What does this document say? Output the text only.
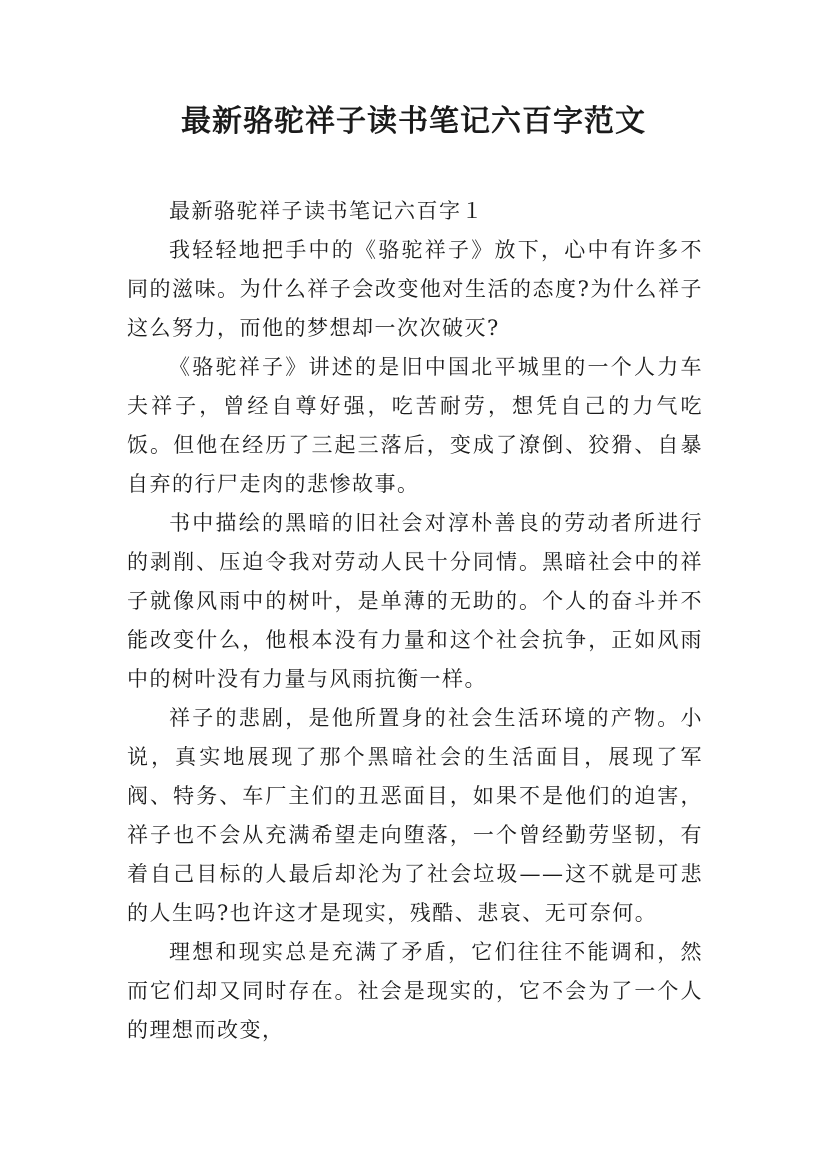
最新骆驼祥子读书笔记六百字范文

最新骆驼祥子读书笔记六百字１

我轻轻地把手中的《骆驼祥子》放下，心中有许多不同的滋味。为什么祥子会改变他对生活的态度?为什么祥子这么努力，而他的梦想却一次次破灭?

《骆驼祥子》讲述的是旧中国北平城里的一个人力车夫祥子，曾经自尊好强，吃苦耐劳，想凭自己的力气吃饭。但他在经历了三起三落后，变成了潦倒、狡猾、自暴自弃的行尸走肉的悲惨故事。

书中描绘的黑暗的旧社会对淳朴善良的劳动者所进行的剥削、压迫令我对劳动人民十分同情。黑暗社会中的祥子就像风雨中的树叶，是单薄的无助的。个人的奋斗并不能改变什么，他根本没有力量和这个社会抗争，正如风雨中的树叶没有力量与风雨抗衡一样。

祥子的悲剧，是他所置身的社会生活环境的产物。小说，真实地展现了那个黑暗社会的生活面目，展现了军阀、特务、车厂主们的丑恶面目，如果不是他们的迫害，祥子也不会从充满希望走向堕落，一个曾经勤劳坚韧，有着自己目标的人最后却沦为了社会垃圾——这不就是可悲的人生吗?也许这才是现实，残酷、悲哀、无可奈何。

理想和现实总是充满了矛盾，它们往往不能调和，然而它们却又同时存在。社会是现实的，它不会为了一个人的理想而改变，
